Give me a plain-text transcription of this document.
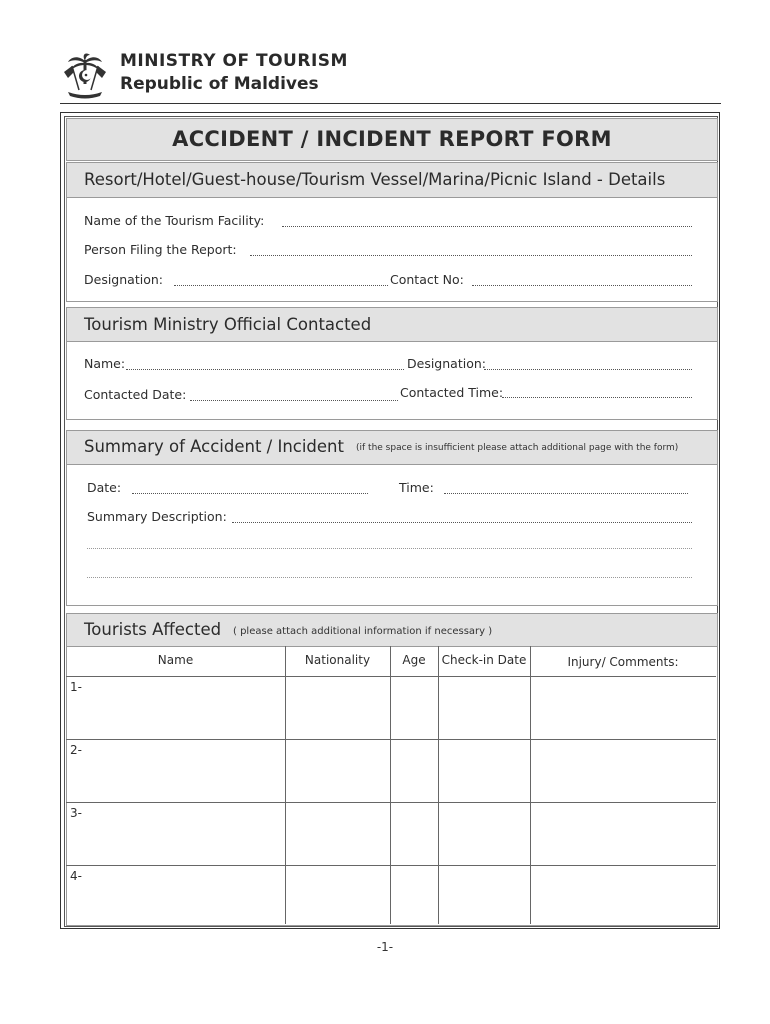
MINISTRY OF TOURISM
Republic of Maldives
ACCIDENT / INCIDENT REPORT FORM
Resort/Hotel/Guest-house/Tourism Vessel/Marina/Picnic Island - Details
Name of the Tourism Facility:
Person Filing the Report:
Designation:	Contact No:
Tourism Ministry Official Contacted
Name:	Designation:
Contacted Date:	Contacted Time:
Summary of Accident / Incident (if the space is insufficient please attach additional page with the form)
Date:	Time:
Summary Description:
Tourists Affected ( please attach additional information if necessary )
Name	Nationality	Age	Check-in Date	Injury/ Comments:
1-
2-
3-
4-
-1-
